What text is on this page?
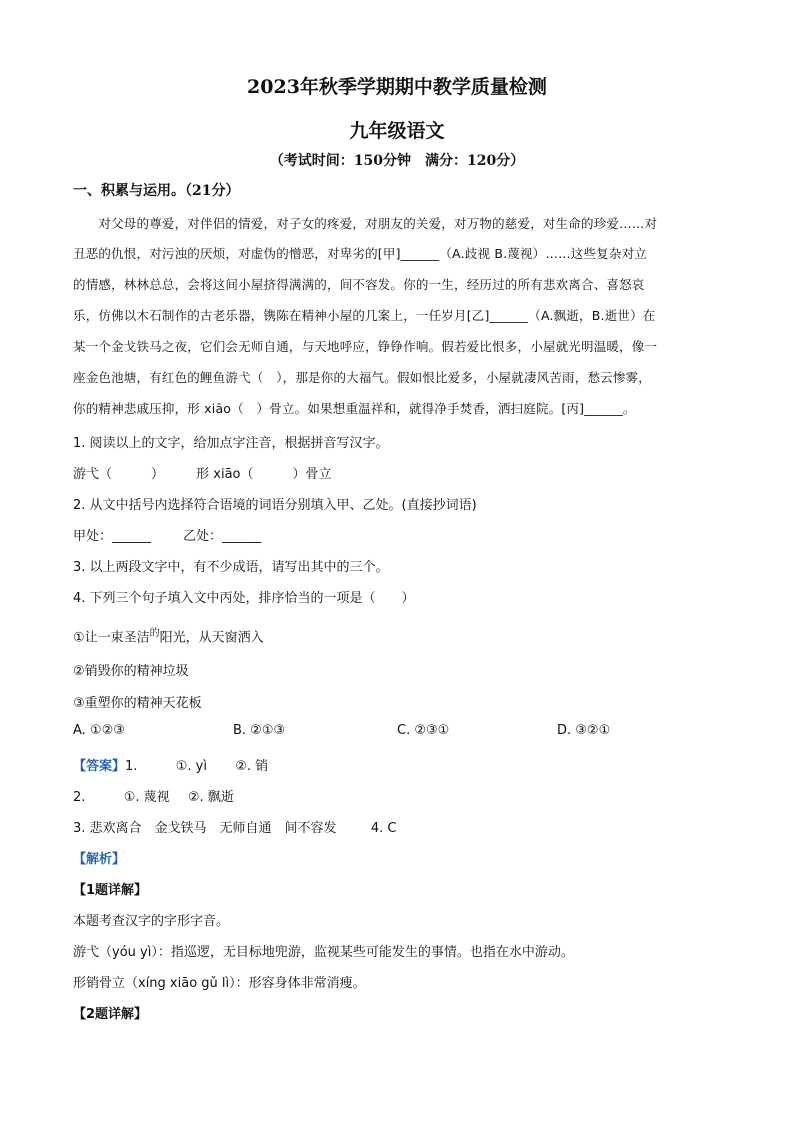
2023年秋季学期期中教学质量检测
九年级语文
（考试时间：150分钟　满分：120分）
一、积累与运用。（21分）
　　对父母的尊爱，对伴侣的情爱，对子女的疼爱，对朋友的关爱，对万物的慈爱，对生命的珍爱……对
丑恶的仇恨，对污浊的厌烦，对虚伪的憎恶，对卑劣的[甲]______（A.歧视 B.蔑视）……这些复杂对立
的情感，林林总总，会将这间小屋挤得满满的，间不容发。你的一生，经历过的所有悲欢离合、喜怒哀
乐，仿佛以木石制作的古老乐器，镌陈在精神小屋的几案上，一任岁月[乙]______（A.飘逝，B.逝世）在
某一个金戈铁马之夜，它们会无师自通，与天地呼应，铮铮作响。假若爱比恨多，小屋就光明温暖，像一
座金色池塘，有红色的鲤鱼游弋（　），那是你的大福气。假如恨比爱多，小屋就凄风苦雨，愁云惨雾，
你的精神悲戚压抑，形 xiāo（　）骨立。如果想重温祥和，就得净手焚香，洒扫庭院。[丙]______。
1. 阅读以上的文字，给加点字注音，根据拼音写汉字。
游弋（　　　） 形 xiāo（　　　）骨立
2. 从文中括号内选择符合语境的词语分别填入甲、乙处。(直接抄词语)
甲处：______ 乙处：______
3. 以上两段文字中，有不少成语，请写出其中的三个。
4. 下列三个句子填入文中丙处，排序恰当的一项是（　　）
①让一束圣洁$^的$阳光，从天窗洒入
②销毁你的精神垃圾
③重塑你的精神天花板
A. ①②③	B. ②①③	C. ②③①	D. ③②①
【答案】1.	①. yì ②. 销
2.	①. 蔑视 ②. 飘逝
3. 悲欢离合　金戈铁马　无师自通　间不容发	4. C
【解析】
【1题详解】
本题考查汉字的字形字音。
游弋（yóu yì）：指巡逻，无目标地兜游，监视某些可能发生的事情。也指在水中游动。
形销骨立（xíng xiāo gǔ lì）：形容身体非常消瘦。
【2题详解】
